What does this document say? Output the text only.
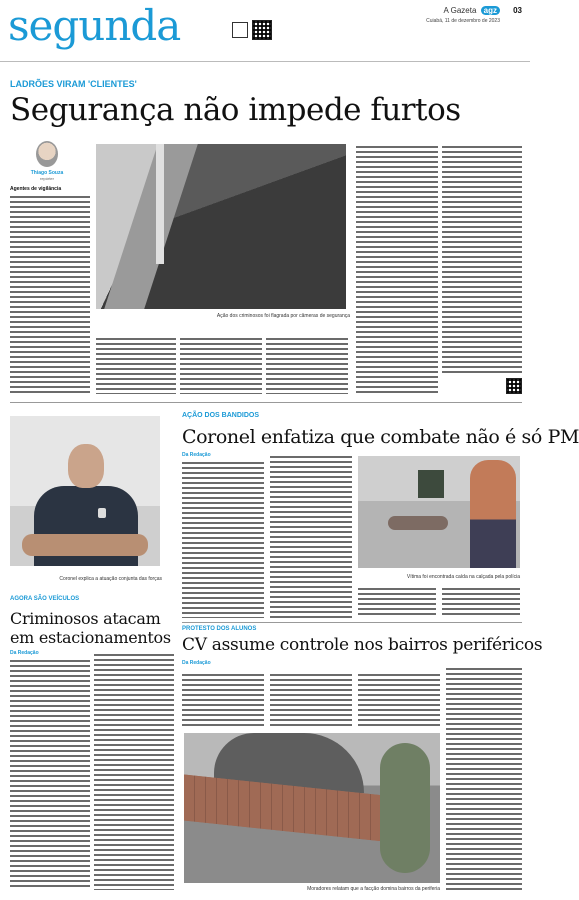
segunda	A Gazeta agz
Cuiabá, 11 de dezembro de 2023
03
LADRÕES VIRAM 'CLIENTES'
Segurança não impede furtos
Thiago Souza
repórter
Agentes de vigilância
Ação dos criminosos foi flagrada por câmeras de segurança
Coronel explica a atuação conjunta das forças
AÇÃO DOS BANDIDOS
Coronel enfatiza que combate não é só PM
Da Redação
Vítima foi encontrada caída na calçada pela polícia
AGORA SÃO VEÍCULOS
Criminosos atacam em estacionamentos
Da Redação
PROTESTO DOS ALUNOS
CV assume controle nos bairros periféricos
Da Redação
Moradores relatam que a facção domina bairros da periferia
